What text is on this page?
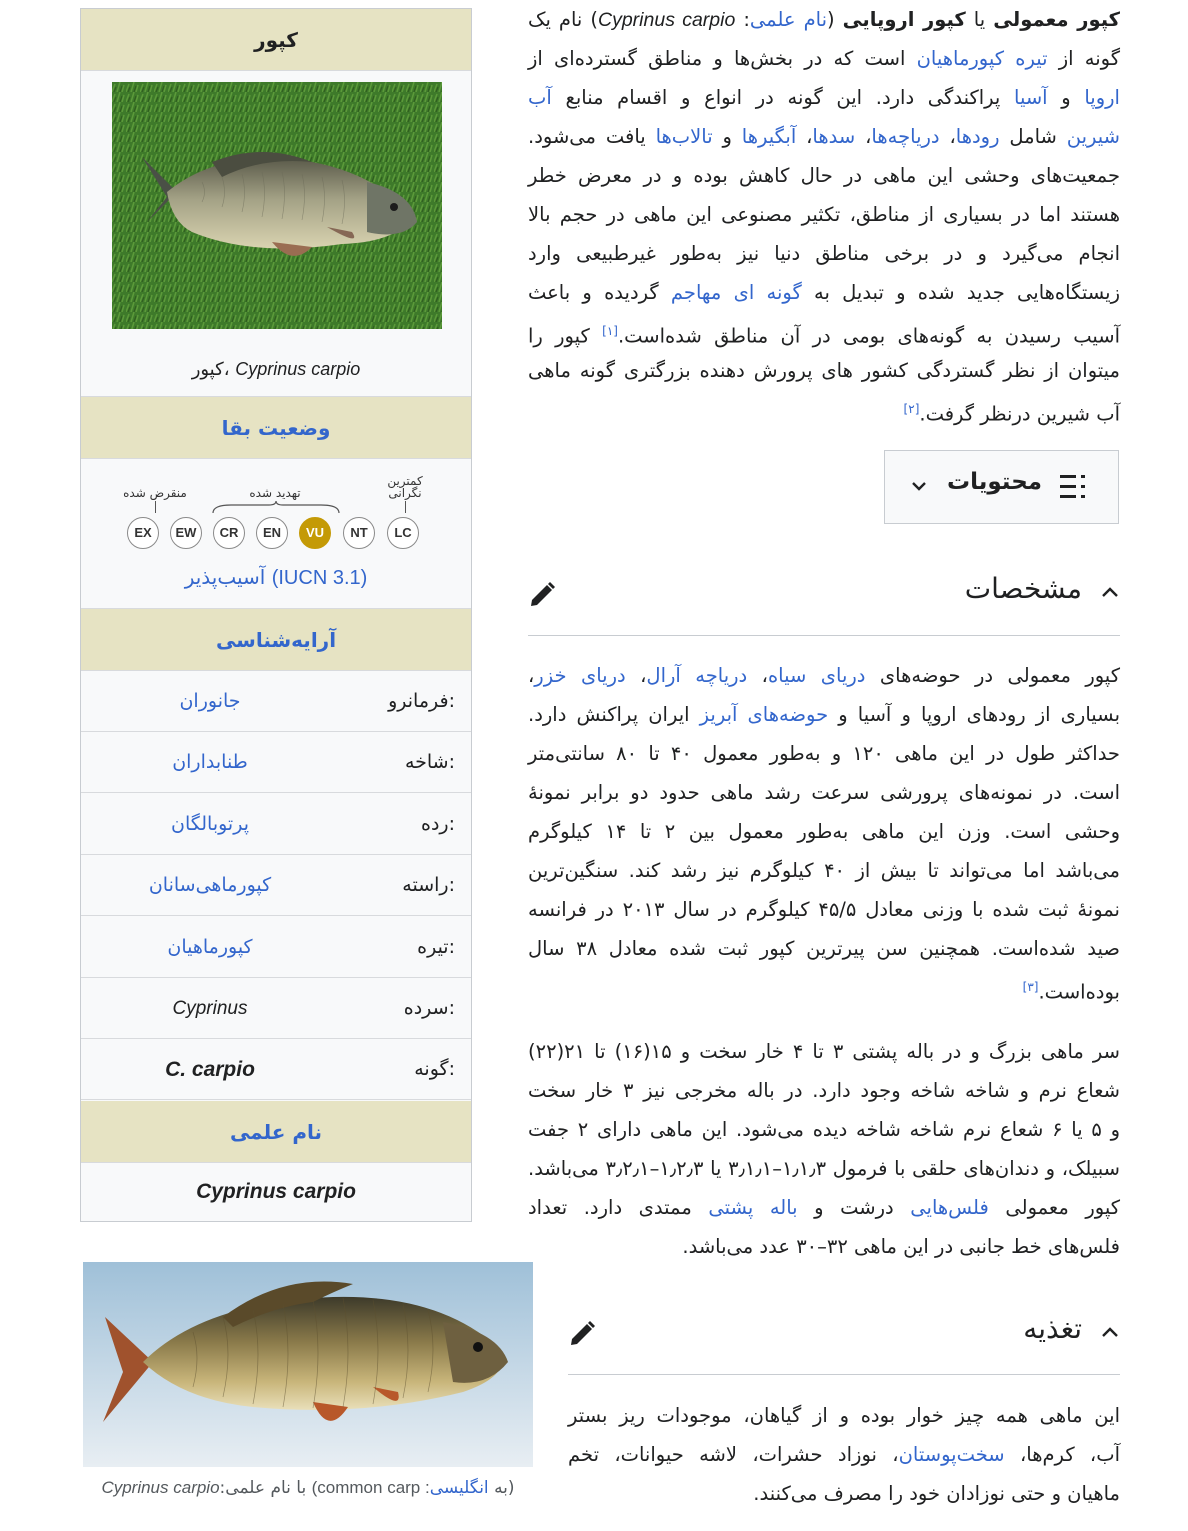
کپور
کپور، Cyprinus carpio
وضعیت بقا
منقرض شده	تهدید شده
کمترین
نگرانی
EX	EW	CR	EN	VU	NT	LC
آسیب‌پذیر (IUCN 3.1)
آرایه‌شناسی
فرمانرو:
جانوران
شاخه:
طنابداران
رده:
پرتوبالگان
راسته:
کپورماهی‌سانان
تیره:
کپورماهیان
سرده:
Cyprinus
گونه:
C. carpio
نام علمی
Cyprinus carpio
کپور معمولی یا کپور اروپایی (نام علمی: Cyprinus carpio) نام یک
گونه از تیره کپورماهیان است که در بخش‌ها و مناطق گسترده‌ای از
اروپا و آسیا پراکندگی دارد. این گونه در انواع و اقسام منابع آب
شیرین شامل رودها، دریاچه‌ها، سدها، آبگیرها و تالاب‌ها یافت می‌شود.
جمعیت‌های وحشی این ماهی در حال کاهش بوده و در معرض خطر
هستند اما در بسیاری از مناطق، تکثیر مصنوعی این ماهی در حجم بالا
انجام می‌گیرد و در برخی مناطق دنیا نیز به‌طور غیرطبیعی وارد
زیستگاه‌هایی جدید شده و تبدیل به گونه ای مهاجم گردیده و باعث
آسیب رسیدن به گونه‌های بومی در آن مناطق شده‌است.[۱] کپور را
میتوان از نظر گستردگی کشور های پرورش دهنده بزرگتری گونه ماهی
آب شیرین درنظر گرفت.[۲]
محتویات
مشخصات
کپور معمولی در حوضه‌های دریای سیاه، دریاچه آرال، دریای خزر،
بسیاری از رودهای اروپا و آسیا و حوضه‌های آبریز ایران پراکنش دارد.
حداکثر طول در این ماهی ۱۲۰ و به‌طور معمول ۴۰ تا ۸۰ سانتی‌متر
است. در نمونه‌های پرورشی سرعت رشد ماهی حدود دو برابر نمونهٔ
وحشی است. وزن این ماهی به‌طور معمول بین ۲ تا ۱۴ کیلوگرم
می‌باشد اما می‌تواند تا بیش از ۴۰ کیلوگرم نیز رشد کند. سنگین‌ترین
نمونهٔ ثبت شده با وزنی معادل ۴۵/۵ کیلوگرم در سال ۲۰۱۳ در فرانسه
صید شده‌است. همچنین سن پیرترین کپور ثبت شده معادل ۳۸ سال
بوده‌است.[۳]
سر ماهی بزرگ و در باله پشتی ۳ تا ۴ خار سخت و ۱۵(۱۶) تا ۲۱(۲۲)
شعاع نرم و شاخه شاخه وجود دارد. در باله مخرجی نیز ۳ خار سخت
و ۵ یا ۶ شعاع نرم شاخه شاخه دیده می‌شود. این ماهی دارای ۲ جفت
سبیلک، و دندان‌های حلقی با فرمول ۱٫۱٫۳–۳٫۱٫۱ یا ۱٫۲٫۳–۳٫۲٫۱ می‌باشد.
کپور معمولی فلس‌هایی درشت و باله پشتی ممتدی دارد. تعداد
فلس‌های خط جانبی در این ماهی ۳۲–۳۰ عدد می‌باشد.
(به انگلیسی: common carp) با نام علمی:Cyprinus carpio
تغذیه
این ماهی همه چیز خوار بوده و از گیاهان، موجودات ریز بستر
آب، کرم‌ها، سخت‌پوستان، نوزاد حشرات، لاشه حیوانات، تخم
ماهیان و حتی نوزادان خود را مصرف می‌کنند.
